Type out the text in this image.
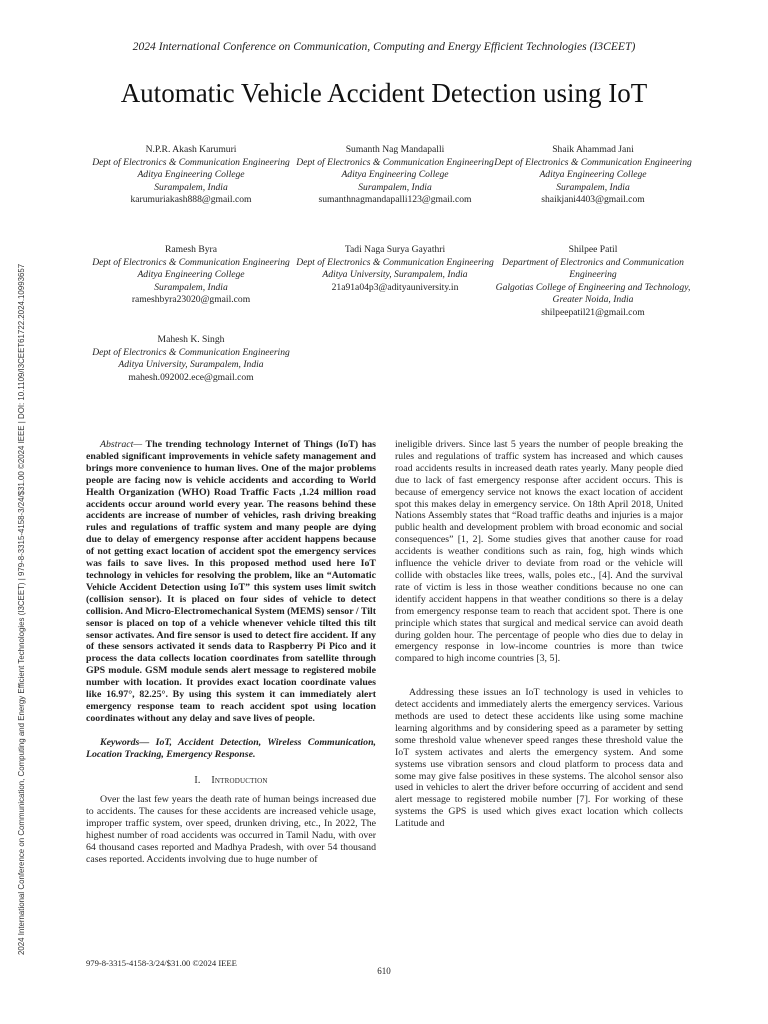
2024 International Conference on Communication, Computing and Energy Efficient Technologies (I3CEET) | 979-8-3315-4158-3/24/$31.00 ©2024 IEEE | DOI: 10.1109/I3CEET61722.2024.10993657
2024 International Conference on Communication, Computing and Energy Efficient Technologies (I3CEET)
Automatic Vehicle Accident Detection using IoT
N.P.R. Akash Karumuri
Dept of Electronics & Communication Engineering
Aditya Engineering College
Surampalem, India
karumuriakash888@gmail.com
Sumanth Nag Mandapalli
Dept of Electronics & Communication Engineering
Aditya Engineering College
Surampalem, India
sumanthnagmandapalli123@gmail.com
Shaik Ahammad Jani
Dept of Electronics & Communication Engineering
Aditya Engineering College
Surampalem, India
shaikjani4403@gmail.com
Ramesh Byra
Dept of Electronics & Communication Engineering
Aditya Engineering College
Surampalem, India
rameshbyra23020@gmail.com
Tadi Naga Surya Gayathri
Dept of Electronics & Communication Engineering
Aditya University, Surampalem, India
21a91a04p3@adityauniversity.in
Shilpee Patil
Department of Electronics and Communication Engineering
Galgotias College of Engineering and Technology, Greater Noida, India
shilpeepatil21@gmail.com
Mahesh K. Singh
Dept of Electronics & Communication Engineering
Aditya University, Surampalem, India
mahesh.092002.ece@gmail.com

Abstract— The trending technology Internet of Things (IoT) has enabled significant improvements in vehicle safety management and brings more convenience to human lives. One of the major problems people are facing now is vehicle accidents and according to World Health Organization (WHO) Road Traffic Facts ,1.24 million road accidents occur around world every year. The reasons behind these accidents are increase of number of vehicles, rash driving breaking rules and regulations of traffic system and many people are dying due to delay of emergency response after accident happens because of not getting exact location of accident spot the emergency services was fails to save lives. In this proposed method used here IoT technology in vehicles for resolving the problem, like an “Automatic Vehicle Accident Detection using IoT” this system uses limit switch (collision sensor). It is placed on four sides of vehicle to detect collision. And Micro-Electromechanical System (MEMS) sensor / Tilt sensor is placed on top of a vehicle whenever vehicle tilted this tilt sensor activates. And fire sensor is used to detect fire accident. If any of these sensors activated it sends data to Raspberry Pi Pico and it process the data collects location coordinates from satellite through GPS module. GSM module sends alert message to registered mobile number with location. It provides exact location coordinate values like 16.97°, 82.25°. By using this system it can immediately alert emergency response team to reach accident spot using location coordinates without any delay and save lives of people.

Keywords— IoT, Accident Detection, Wireless Communication, Location Tracking, Emergency Response.

I. Introduction

Over the last few years the death rate of human beings increased due to accidents. The causes for these accidents are increased vehicle usage, improper traffic system, over speed, drunken driving, etc., In 2022, The highest number of road accidents was occurred in Tamil Nadu, with over 64 thousand cases reported and Madhya Pradesh, with over 54 thousand cases reported. Accidents involving due to huge number of

ineligible drivers. Since last 5 years the number of people breaking the rules and regulations of traffic system has increased and which causes road accidents results in increased death rates yearly. Many people died due to lack of fast emergency response after accident occurs. This is because of emergency service not knows the exact location of accident spot this makes delay in emergency service. On 18th April 2018, United Nations Assembly states that “Road traffic deaths and injuries is a major public health and development problem with broad economic and social consequences” [1, 2]. Some studies gives that another cause for road accidents is weather conditions such as rain, fog, high winds which influence the vehicle driver to deviate from road or the vehicle will collide with obstacles like trees, walls, poles etc., [4]. And the survival rate of victim is less in those weather conditions because no one can identify accident happens in that weather conditions so there is a delay from emergency response team to reach that accident spot. There is one principle which states that surgical and medical service can avoid death during golden hour. The percentage of people who dies due to delay in emergency response in low-income countries is more than twice compared to high income countries [3, 5].

Addressing these issues an IoT technology is used in vehicles to detect accidents and immediately alerts the emergency services. Various methods are used to detect these accidents like using some machine learning algorithms and by considering speed as a parameter by setting some threshold value whenever speed ranges these threshold value the IoT system activates and alerts the emergency system. And some systems use vibration sensors and cloud platform to process data and some may give false positives in these systems. The alcohol sensor also used in vehicles to alert the driver before occurring of accident and send alert message to registered mobile number [7]. For working of these systems the GPS is used which gives exact location which collects Latitude and

979-8-3315-4158-3/24/$31.00 ©2024 IEEE
610
